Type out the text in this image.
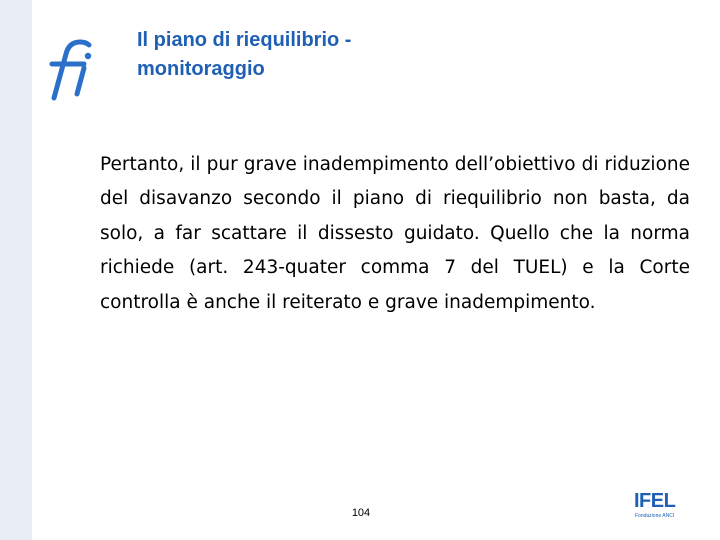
Il piano di riequilibrio -
monitoraggio

Pertanto, il pur grave inadempimento dell’obiettivo di riduzione del disavanzo secondo il piano di riequilibrio non basta, da solo, a far scattare il dissesto guidato. Quello che la norma richiede (art. 243-quater comma 7 del TUEL) e la Corte controlla è anche il reiterato e grave inadempimento.

104
IFEL
Fondazione ANCI
